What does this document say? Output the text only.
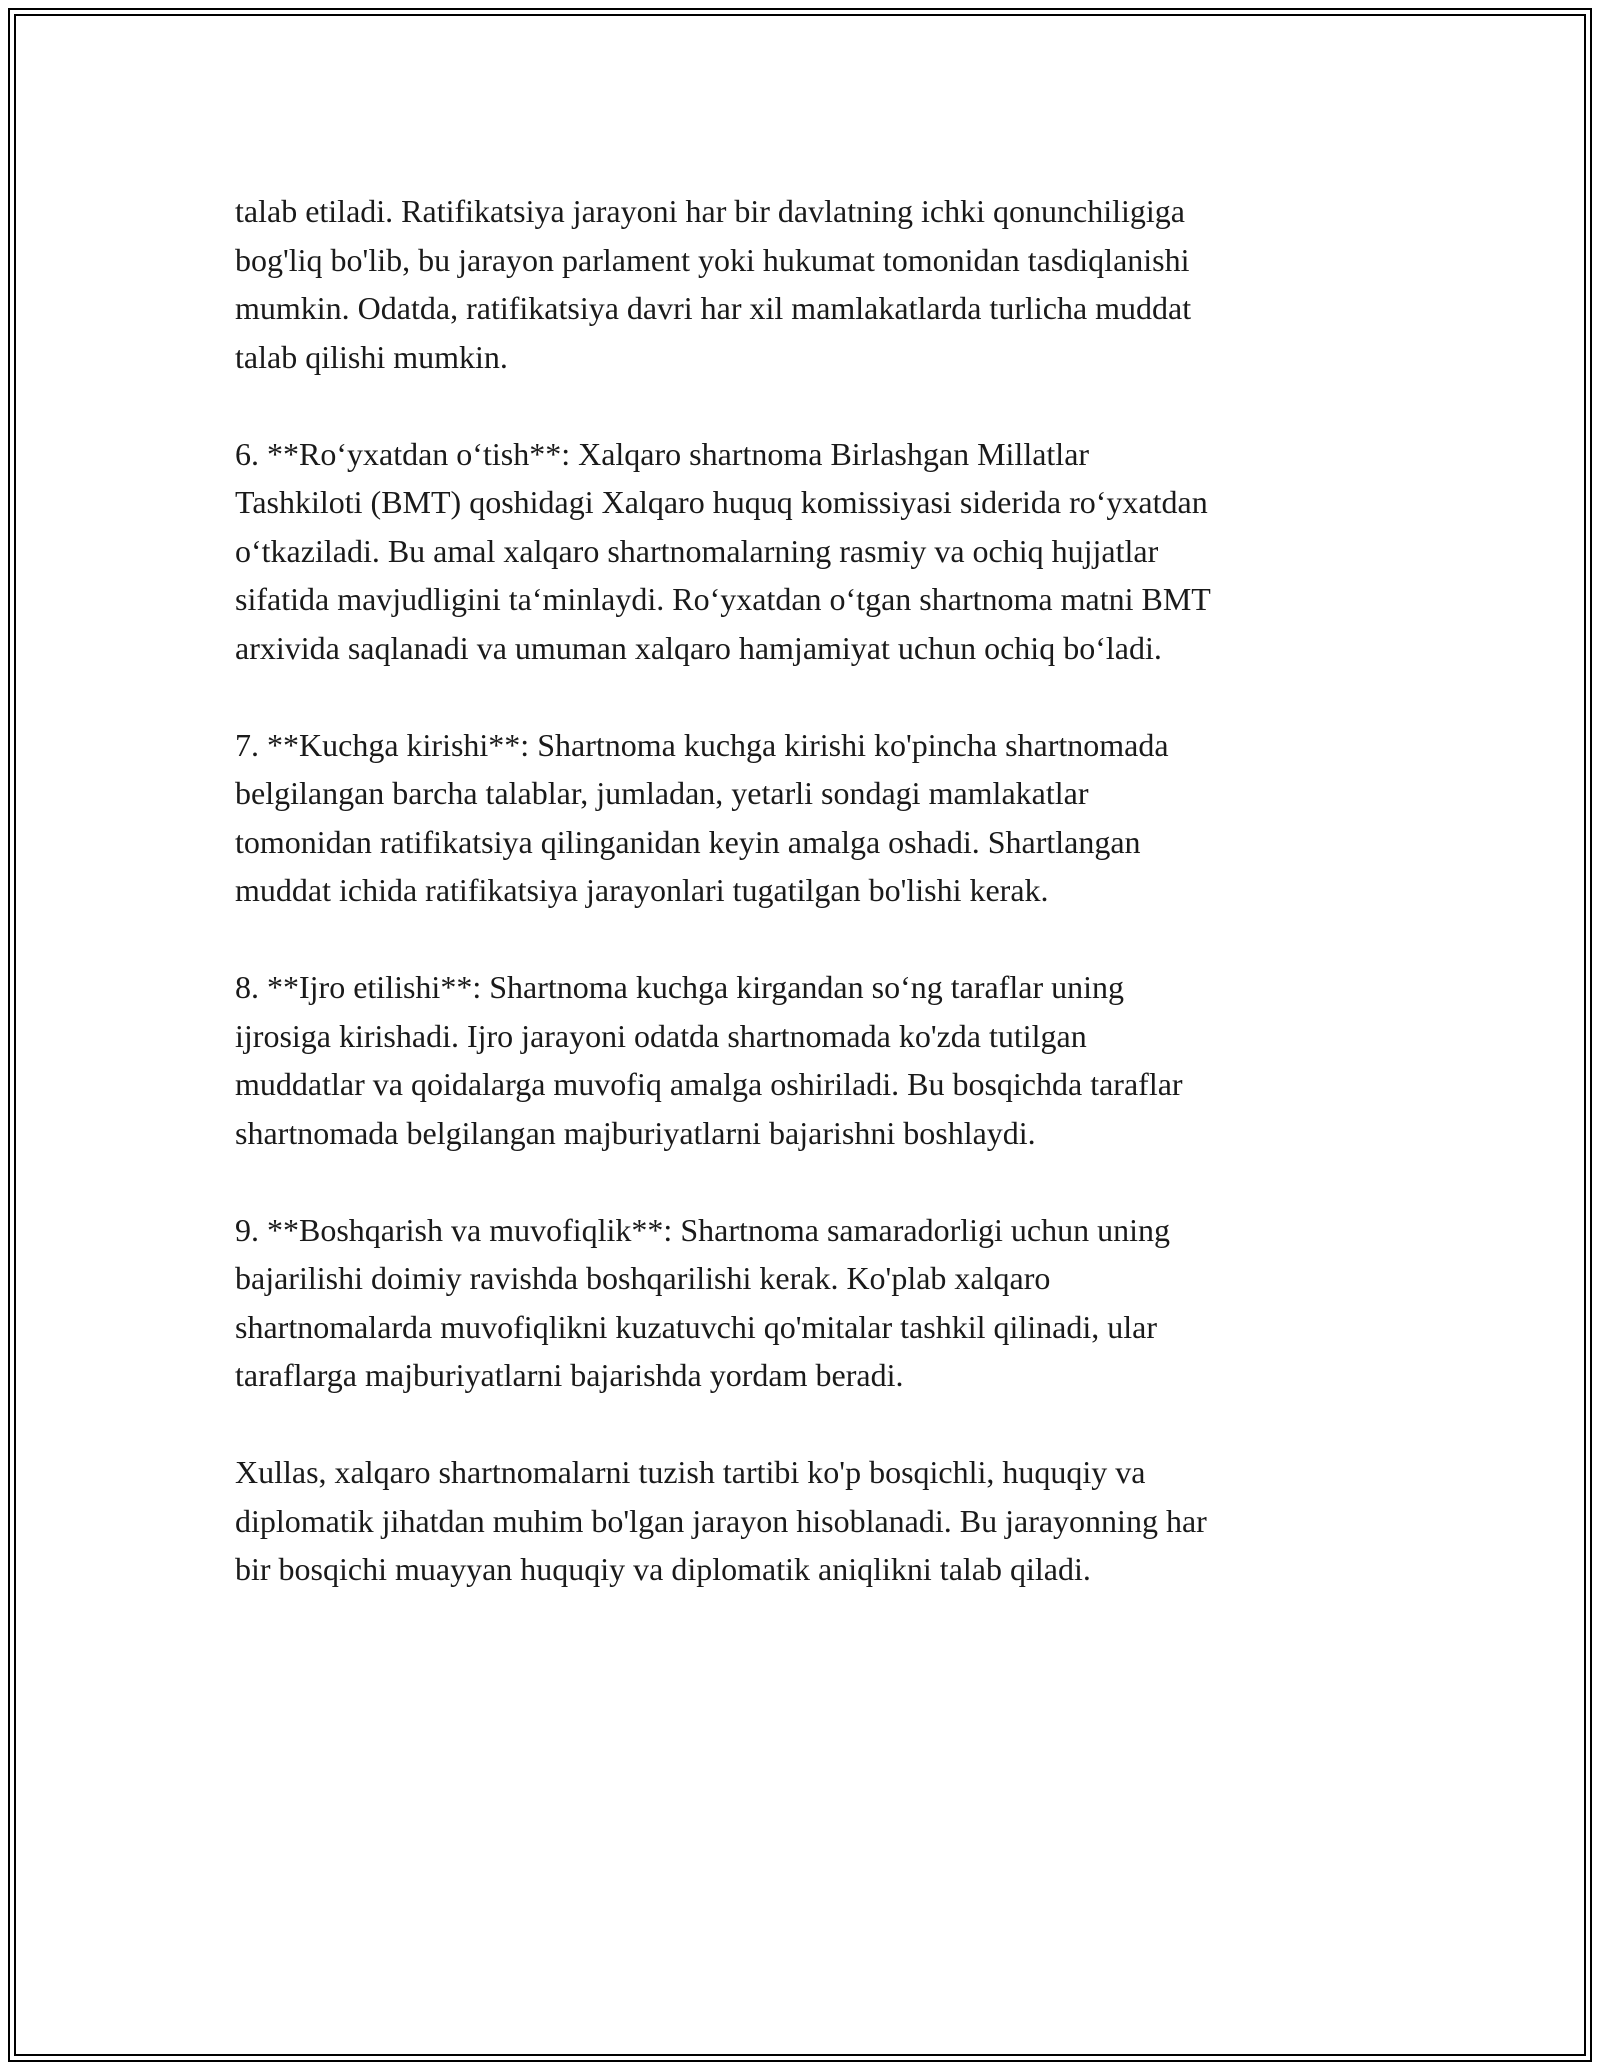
talab etiladi. Ratifikatsiya jarayoni har bir davlatning ichki qonunchiligiga
bog'liq bo'lib, bu jarayon parlament yoki hukumat tomonidan tasdiqlanishi
mumkin. Odatda, ratifikatsiya davri har xil mamlakatlarda turlicha muddat
talab qilishi mumkin.

6. **Roʻyxatdan oʻtish**: Xalqaro shartnoma Birlashgan Millatlar
Tashkiloti (BMT) qoshidagi Xalqaro huquq komissiyasi siderida roʻyxatdan
oʻtkaziladi. Bu amal xalqaro shartnomalarning rasmiy va ochiq hujjatlar
sifatida mavjudligini taʻminlaydi. Roʻyxatdan oʻtgan shartnoma matni BMT
arxivida saqlanadi va umuman xalqaro hamjamiyat uchun ochiq boʻladi.

7. **Kuchga kirishi**: Shartnoma kuchga kirishi ko'pincha shartnomada
belgilangan barcha talablar, jumladan, yetarli sondagi mamlakatlar
tomonidan ratifikatsiya qilinganidan keyin amalga oshadi. Shartlangan
muddat ichida ratifikatsiya jarayonlari tugatilgan bo'lishi kerak.

8. **Ijro etilishi**: Shartnoma kuchga kirgandan soʻng taraflar uning
ijrosiga kirishadi. Ijro jarayoni odatda shartnomada ko'zda tutilgan
muddatlar va qoidalarga muvofiq amalga oshiriladi. Bu bosqichda taraflar
shartnomada belgilangan majburiyatlarni bajarishni boshlaydi.

9. **Boshqarish va muvofiqlik**: Shartnoma samaradorligi uchun uning
bajarilishi doimiy ravishda boshqarilishi kerak. Ko'plab xalqaro
shartnomalarda muvofiqlikni kuzatuvchi qo'mitalar tashkil qilinadi, ular
taraflarga majburiyatlarni bajarishda yordam beradi.

Xullas, xalqaro shartnomalarni tuzish tartibi ko'p bosqichli, huquqiy va
diplomatik jihatdan muhim bo'lgan jarayon hisoblanadi. Bu jarayonning har
bir bosqichi muayyan huquqiy va diplomatik aniqlikni talab qiladi.
